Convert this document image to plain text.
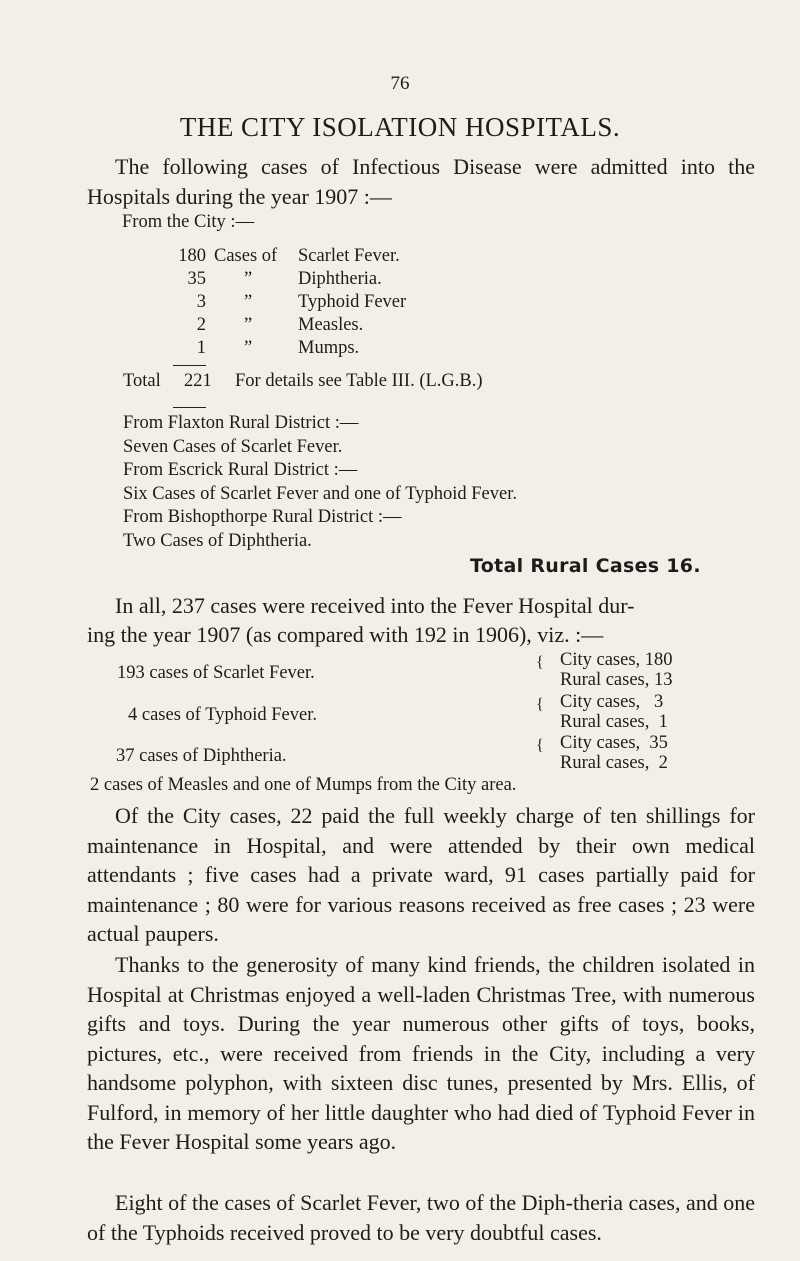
76
THE CITY ISOLATION HOSPITALS.
The following cases of Infectious Disease were admitted into the Hospitals during the year 1907 :—
From the City :—
180 Cases of	Scarlet Fever.
35	”	Diphtheria.
3	”	Typhoid Fever
2	”	Measles.
1	”	Mumps.
Total 221 For details see Table III. (L.G.B.)
From Flaxton Rural District :—
Seven Cases of Scarlet Fever.
From Escrick Rural District :—
Six Cases of Scarlet Fever and one of Typhoid Fever.
From Bishopthorpe Rural District :—
Two Cases of Diphtheria.
Total Rural Cases 16.
In all, 237 cases were received into the Fever Hospital dur-
ing the year 1907 (as compared with 192 in 1906), viz. :—
193 cases of Scarlet Fever.
{ City cases, 180
Rural cases, 13
4 cases of Typhoid Fever.
{ City cases,   3
Rural cases,  1
37 cases of Diphtheria.
{ City cases,  35
Rural cases,  2
2 cases of Measles and one of Mumps from the City area.
Of the City cases, 22 paid the full weekly charge of ten shillings for maintenance in Hospital, and were attended by their own medical attendants ; five cases had a private ward, 91 cases partially paid for maintenance ; 80 were for various reasons received as free cases ; 23 were actual paupers.
Thanks to the generosity of many kind friends, the children isolated in Hospital at Christmas enjoyed a well-laden Christmas Tree, with numerous gifts and toys. During the year numerous other gifts of toys, books, pictures, etc., were received from friends in the City, including a very handsome polyphon, with sixteen disc tunes, presented by Mrs. Ellis, of Fulford, in memory of her little daughter who had died of Typhoid Fever in the Fever Hospital some years ago.
Eight of the cases of Scarlet Fever, two of the Diph-theria cases, and one of the Typhoids received proved to be very doubtful cases.
